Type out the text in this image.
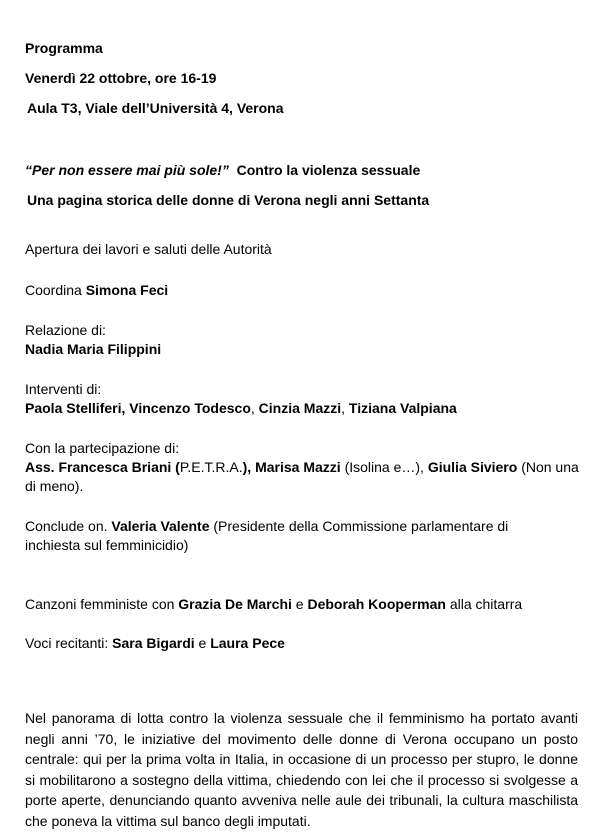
Programma
Venerdì 22 ottobre, ore 16-19
Aula T3, Viale dell’Università 4, Verona
“Per non essere mai più sole!” Contro la violenza sessuale
Una pagina storica delle donne di Verona negli anni Settanta
Apertura dei lavori e saluti delle Autorità
Coordina Simona Feci
Relazione di:
Nadia Maria Filippini
Interventi di:
Paola Stelliferi, Vincenzo Todesco, Cinzia Mazzi, Tiziana Valpiana
Con la partecipazione di:
Ass. Francesca Briani (P.E.T.R.A.), Marisa Mazzi (Isolina e…), Giulia Siviero (Non una
di meno).
Conclude on. Valeria Valente (Presidente della Commissione parlamentare di
inchiesta sul femminicidio)
Canzoni femministe con Grazia De Marchi e Deborah Kooperman alla chitarra
Voci recitanti: Sara Bigardi e Laura Pece
Nel panorama di lotta contro la violenza sessuale che il femminismo ha portato avanti negli anni ’70, le iniziative del movimento delle donne di Verona occupano un posto centrale: qui per la prima volta in Italia, in occasione di un processo per stupro, le donne si mobilitarono a sostegno della vittima, chiedendo con lei che il processo si svolgesse a porte aperte, denunciando quanto avveniva nelle aule dei tribunali, la cultura maschilista che poneva la vittima sul banco degli imputati.
